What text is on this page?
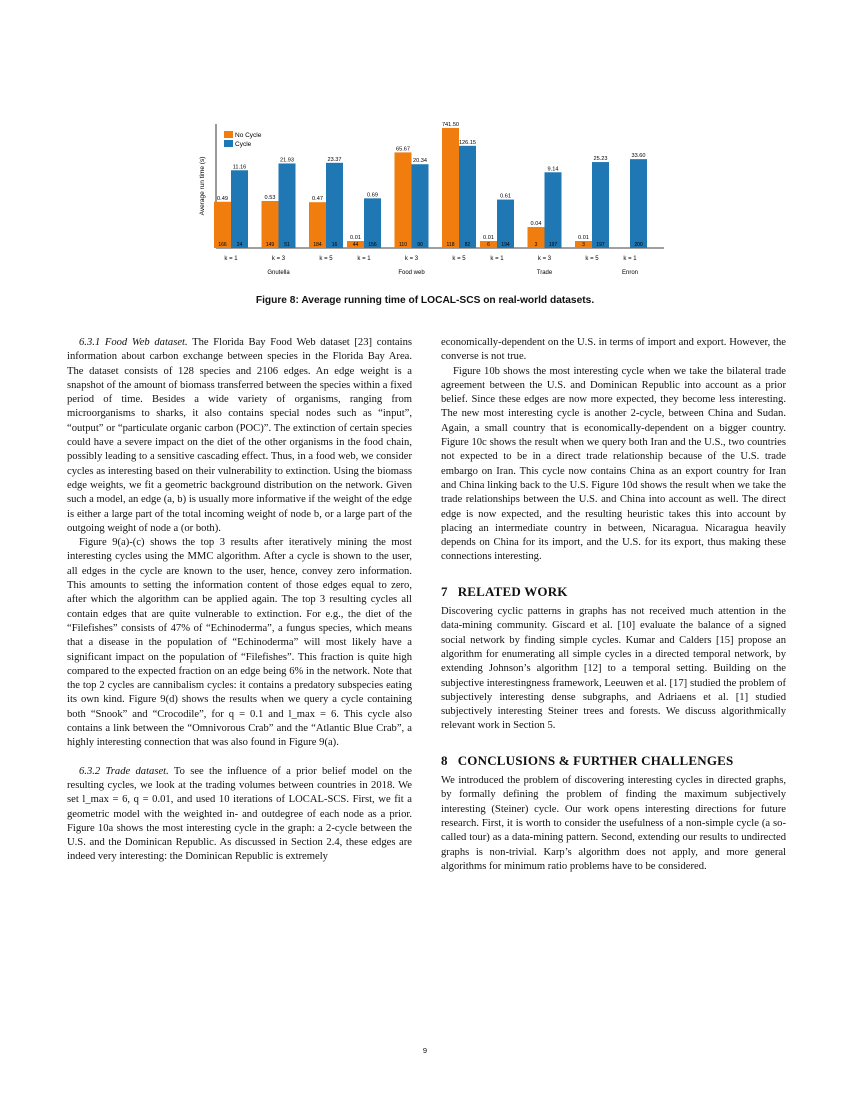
Average run time (s)
No Cycle
Cycle
0.49
166
11.16
24
k = 1
0.53
149
21.93
51
k = 3
0.47
184
23.37
16
k = 5
Gnutella
0.01
44
0.69
156
k = 1
65.67
110
20.34
90
k = 3
741.50
118
126.15
82
k = 5
Food web
0.01
6
0.61
194
k = 1
0.04
3
9.14
197
k = 3
0.01
3
25.23
197
k = 5
Trade
33.60
200
k = 1
Enron
Figure 8: Average running time of LOCAL-SCS on real-world datasets.

6.3.1 Food Web dataset. The Florida Bay Food Web dataset [23] contains information about carbon exchange between species in the Florida Bay Area. The dataset consists of 128 species and 2106 edges. An edge weight is a snapshot of the amount of biomass transferred between the species within a fixed period of time. Besides a wide variety of organisms, ranging from microorganisms to sharks, it also contains special nodes such as “input”, “output” or “particulate organic carbon (POC)”. The extinction of certain species could have a severe impact on the diet of the other organisms in the food chain, possibly leading to a sensitive cascading effect. Thus, in a food web, we consider cycles as interesting based on their vulnerability to extinction. Using the biomass edge weights, we fit a geometric background distribution on the network. Given such a model, an edge (a, b) is usually more informative if the weight of the edge is either a large part of the total incoming weight of node b, or a large part of the outgoing weight of node a (or both).

Figure 9(a)-(c) shows the top 3 results after iteratively mining the most interesting cycles using the MMC algorithm. After a cycle is shown to the user, all edges in the cycle are known to the user, hence, convey zero information. This amounts to setting the information content of those edges equal to zero, after which the algorithm can be applied again. The top 3 resulting cycles all contain edges that are quite vulnerable to extinction. For e.g., the diet of the “Filefishes” consists of 47% of “Echinoderma”, a fungus species, which means that a disease in the population of “Echinoderma” will most likely have a significant impact on the population of “Filefishes”. This fraction is quite high compared to the expected fraction on an edge being 6% in the network. Note that the top 2 cycles are cannibalism cycles: it contains a predatory subspecies eating its own kind. Figure 9(d) shows the results when we query a cycle containing both “Snook” and “Crocodile”, for q = 0.1 and l_max = 6. This cycle also contains a link between the “Omnivorous Crab” and the “Atlantic Blue Crab”, a highly interesting connection that was also found in Figure 9(a).

6.3.2 Trade dataset. To see the influence of a prior belief model on the resulting cycles, we look at the trading volumes between countries in 2018. We set l_max = 6, q = 0.01, and used 10 iterations of LOCAL-SCS. First, we fit a geometric model with the weighted in- and outdegree of each node as a prior. Figure 10a shows the most interesting cycle in the graph: a 2-cycle between the U.S. and the Dominican Republic. As discussed in Section 2.4, these edges are indeed very interesting: the Dominican Republic is extremely

economically-dependent on the U.S. in terms of import and export. However, the converse is not true.

Figure 10b shows the most interesting cycle when we take the bilateral trade agreement between the U.S. and Dominican Republic into account as a prior belief. Since these edges are now more expected, they become less interesting. The new most interesting cycle is another 2-cycle, between China and Sudan. Again, a small country that is economically-dependent on a bigger country. Figure 10c shows the result when we query both Iran and the U.S., two countries not expected to be in a direct trade relationship because of the U.S. trade embargo on Iran. This cycle now contains China as an export country for Iran and China linking back to the U.S. Figure 10d shows the result when we take the trade relationships between the U.S. and China into account as well. The direct edge is now expected, and the resulting heuristic takes this into account by placing an intermediate country in between, Nicaragua. Nicaragua heavily depends on China for its import, and the U.S. for its export, thus making these connections interesting.

7 RELATED WORK

Discovering cyclic patterns in graphs has not received much attention in the data-mining community. Giscard et al. [10] evaluate the balance of a signed social network by finding simple cycles. Kumar and Calders [15] propose an algorithm for enumerating all simple cycles in a directed temporal network, by extending Johnson’s algorithm [12] to a temporal setting. Building on the subjective interestingness framework, Leeuwen et al. [17] studied the problem of subjectively interesting dense subgraphs, and Adriaens et al. [1] studied subjectively interesting Steiner trees and forests. We discuss algorithmically relevant work in Section 5.

8 CONCLUSIONS & FURTHER CHALLENGES

We introduced the problem of discovering interesting cycles in directed graphs, by formally defining the problem of finding the maximum subjectively interesting (Steiner) cycle. Our work opens interesting directions for future research. First, it is worth to consider the usefulness of a non-simple cycle (a so-called tour) as a data-mining pattern. Second, extending our results to undirected graphs is non-trivial. Karp’s algorithm does not apply, and more general algorithms for minimum ratio problems have to be considered.

9
